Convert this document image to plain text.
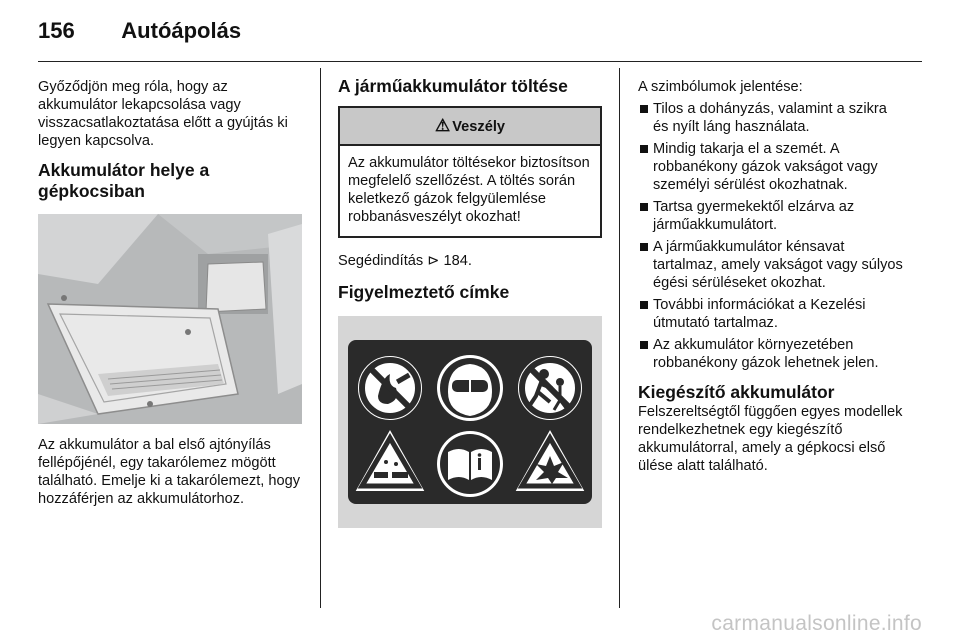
156 Autóápolás

Győződjön meg róla, hogy az akkumulátor lekapcsolása vagy visszacsatlakoztatása előtt a gyújtás ki legyen kapcsolva.

Akkumulátor helye a gépkocsiban

Az akkumulátor a bal első ajtónyílás fellépőjénél, egy takarólemez mögött található. Emelje ki a takarólemezt, hogy hozzáférjen az akkumulátorhoz.

A járműakkumulátor töltése
⚠ Veszély
Az akkumulátor töltésekor biztosítson megfelelő szellőzést. A töltés során keletkező gázok felgyülemlése robbanásveszélyt okozhat!

Segédindítás ⊳ 184.

Figyelmeztető címke

A szimbólumok jelentése:

Tilos a dohányzás, valamint a szikra és nyílt láng használata.
Mindig takarja el a szemét. A robbanékony gázok vakságot vagy személyi sérülést okozhatnak.
Tartsa gyermekektől elzárva az járműakkumulátort.
A járműakkumulátor kénsavat tartalmaz, amely vakságot vagy súlyos égési sérüléseket okozhat.
További információkat a Kezelési útmutató tartalmaz.
Az akkumulátor környezetében robbanékony gázok lehetnek jelen.
Kiegészítő akkumulátor

Felszereltségtől függően egyes modellek rendelkezhetnek egy kiegészítő akkumulátorral, amely a gépkocsi első ülése alatt található.

carmanualsonline.info
